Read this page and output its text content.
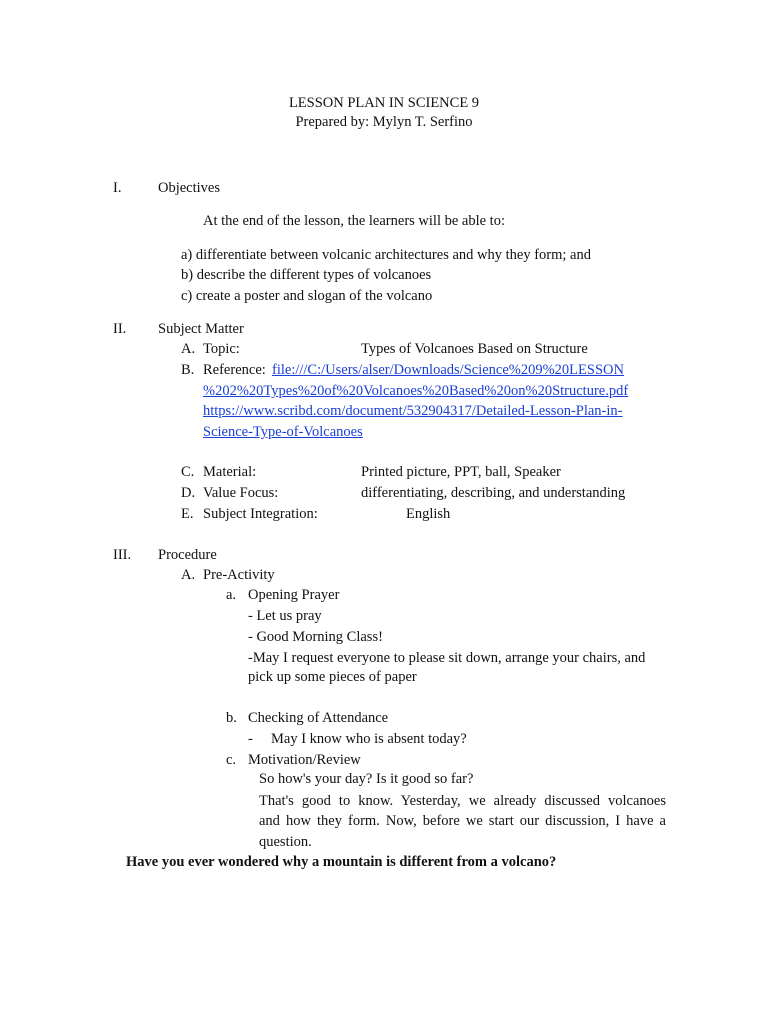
LESSON PLAN IN SCIENCE 9
Prepared by: Mylyn T. Serfino
I.	Objectives
At the end of the lesson, the learners will be able to:
a) differentiate between volcanic architectures and why they form; and
b) describe the different types of volcanoes
c) create a poster and slogan of the volcano
II. Subject Matter
A. Topic:	Types of Volcanoes Based on Structure
B. Reference: file:///C:/Users/alser/Downloads/Science%209%20LESSON
%202%20Types%20of%20Volcanoes%20Based%20on%20Structure.pdf
https://www.scribd.com/document/532904317/Detailed-Lesson-Plan-in-
Science-Type-of-Volcanoes
C. Material:	Printed picture, PPT, ball, Speaker
D. Value Focus:	differentiating, describing, and understanding
E. Subject Integration:	English
III. Procedure
A. Pre-Activity
a. Opening Prayer
- Let us pray
- Good Morning Class!
-May I request everyone to please sit down, arrange your chairs, and
pick up some pieces of paper
b. Checking of Attendance
- May I know who is absent today?
c. Motivation/Review
So how's your day? Is it good so far?
That's good to know. Yesterday, we already discussed volcanoes
and how they form. Now, before we start our discussion, I have a
question.
Have you ever wondered why a mountain is different from a volcano?
